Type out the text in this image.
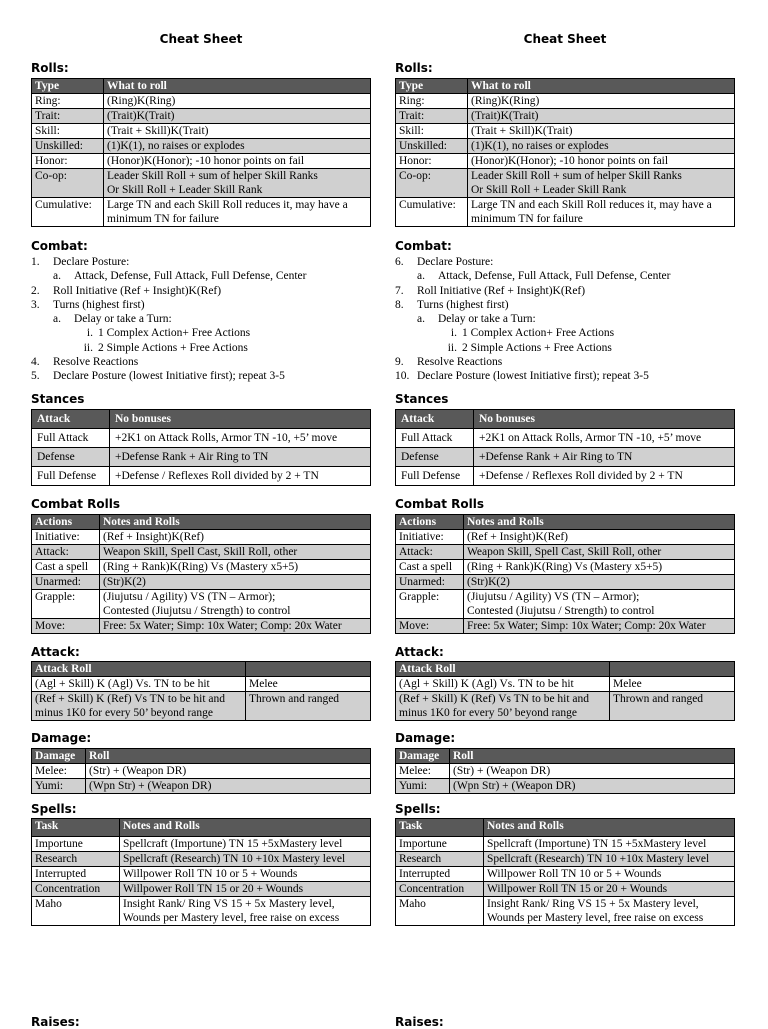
Cheat Sheet
Rolls:
Type	What to roll
Ring:	(Ring)K(Ring)
Trait:	(Trait)K(Trait)
Skill:	(Trait + Skill)K(Trait)
Unskilled:	(1)K(1), no raises or explodes
Honor:	(Honor)K(Honor); -10 honor points on fail
Co-op:	Leader Skill Roll + sum of helper Skill Ranks
Or Skill Roll + Leader Skill Rank
Cumulative:	Large TN and each Skill Roll reduces it, may have a minimum TN for failure
Combat:
1.	Declare Posture:
a.	Attack, Defense, Full Attack, Full Defense, Center
2.	Roll Initiative (Ref + Insight)K(Ref)
3.	Turns (highest first)
a.	Delay or take a Turn:
i. 1 Complex Action+ Free Actions
ii. 2 Simple Actions + Free Actions
4.	Resolve Reactions
5.	Declare Posture (lowest Initiative first); repeat 3-5
Stances
Attack	No bonuses
Full Attack	+2K1 on Attack Rolls, Armor TN -10, +5’ move
Defense	+Defense Rank + Air Ring to TN
Full Defense	+Defense / Reflexes Roll divided by 2 + TN
Combat Rolls
Actions	Notes and Rolls
Initiative:	(Ref + Insight)K(Ref)
Attack:	Weapon Skill, Spell Cast, Skill Roll, other
Cast a spell	(Ring + Rank)K(Ring) Vs (Mastery x5+5)
Unarmed:	(Str)K(2)
Grapple:	(Jiujutsu / Agility) VS (TN – Armor);
Contested (Jiujutsu / Strength) to control
Move:	Free: 5x Water; Simp: 10x Water; Comp: 20x Water
Attack:
Attack Roll	
(Agl + Skill) K (Agl) Vs. TN to be hit	Melee
(Ref + Skill) K (Ref) Vs TN to be hit and minus 1K0 for every 50’ beyond range	Thrown and ranged
Damage:
Damage	Roll
Melee:	(Str) + (Weapon DR)
Yumi:	(Wpn Str) + (Weapon DR)
Spells:
Task	Notes and Rolls
Importune	Spellcraft (Importune) TN 15 +5xMastery level
Research	Spellcraft (Research) TN 10 +10x Mastery level
Interrupted	Willpower Roll TN 10 or 5 + Wounds
Concentration	Willpower Roll TN 15 or 20 + Wounds
Maho	Insight Rank/ Ring VS 15 + 5x Mastery level,
Wounds per Mastery level, free raise on excess
Raises:
Cheat Sheet
Rolls:
Type	What to roll
Ring:	(Ring)K(Ring)
Trait:	(Trait)K(Trait)
Skill:	(Trait + Skill)K(Trait)
Unskilled:	(1)K(1), no raises or explodes
Honor:	(Honor)K(Honor); -10 honor points on fail
Co-op:	Leader Skill Roll + sum of helper Skill Ranks
Or Skill Roll + Leader Skill Rank
Cumulative:	Large TN and each Skill Roll reduces it, may have a minimum TN for failure
Combat:
6.	Declare Posture:
a.	Attack, Defense, Full Attack, Full Defense, Center
7.	Roll Initiative (Ref + Insight)K(Ref)
8.	Turns (highest first)
a.	Delay or take a Turn:
i. 1 Complex Action+ Free Actions
ii. 2 Simple Actions + Free Actions
9.	Resolve Reactions
10. Declare Posture (lowest Initiative first); repeat 3-5
Stances
Attack	No bonuses
Full Attack	+2K1 on Attack Rolls, Armor TN -10, +5’ move
Defense	+Defense Rank + Air Ring to TN
Full Defense	+Defense / Reflexes Roll divided by 2 + TN
Combat Rolls
Actions	Notes and Rolls
Initiative:	(Ref + Insight)K(Ref)
Attack:	Weapon Skill, Spell Cast, Skill Roll, other
Cast a spell	(Ring + Rank)K(Ring) Vs (Mastery x5+5)
Unarmed:	(Str)K(2)
Grapple:	(Jiujutsu / Agility) VS (TN – Armor);
Contested (Jiujutsu / Strength) to control
Move:	Free: 5x Water; Simp: 10x Water; Comp: 20x Water
Attack:
Attack Roll	
(Agl + Skill) K (Agl) Vs. TN to be hit	Melee
(Ref + Skill) K (Ref) Vs TN to be hit and minus 1K0 for every 50’ beyond range	Thrown and ranged
Damage:
Damage	Roll
Melee:	(Str) + (Weapon DR)
Yumi:	(Wpn Str) + (Weapon DR)
Spells:
Task	Notes and Rolls
Importune	Spellcraft (Importune) TN 15 +5xMastery level
Research	Spellcraft (Research) TN 10 +10x Mastery level
Interrupted	Willpower Roll TN 10 or 5 + Wounds
Concentration	Willpower Roll TN 15 or 20 + Wounds
Maho	Insight Rank/ Ring VS 15 + 5x Mastery level,
Wounds per Mastery level, free raise on excess
Raises:
